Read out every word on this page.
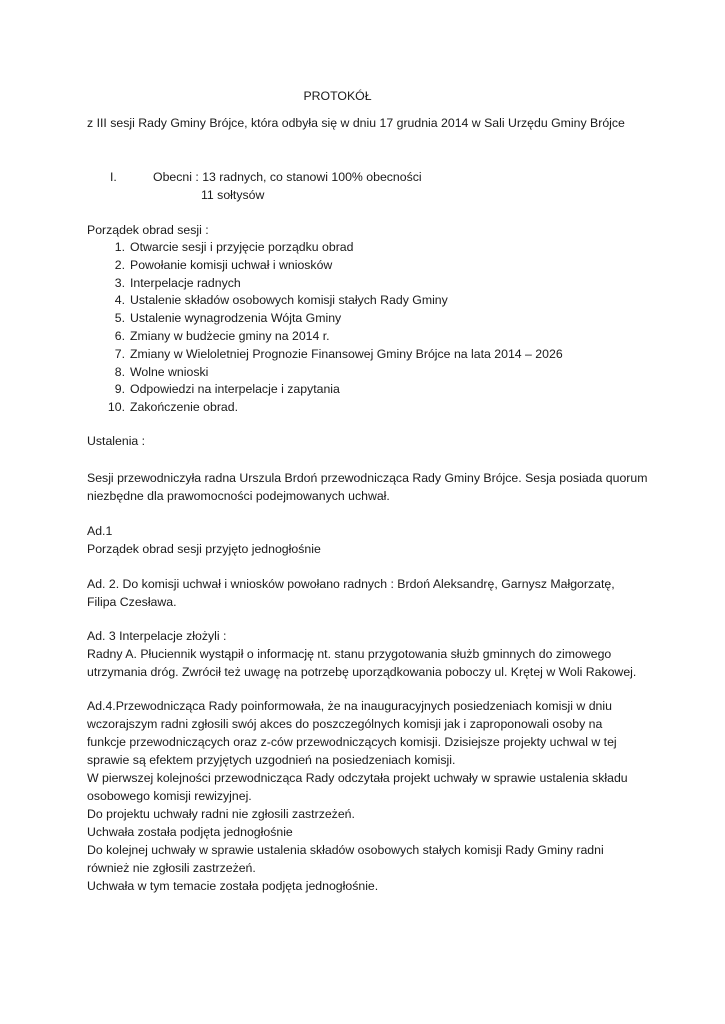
PROTOKÓŁ
z III sesji Rady Gminy Brójce, która odbyła się w dniu 17 grudnia 2014 w Sali Urzędu Gminy Brójce
I.	Obecni : 13 radnych, co stanowi 100% obecności
11 sołtysów
Porządek obrad sesji :
1. Otwarcie sesji i przyjęcie porządku obrad
2. Powołanie komisji uchwał i wniosków
3. Interpelacje radnych
4. Ustalenie składów osobowych komisji stałych Rady Gminy
5. Ustalenie wynagrodzenia Wójta Gminy
6. Zmiany w budżecie gminy na 2014 r.
7. Zmiany w Wieloletniej Prognozie Finansowej Gminy Brójce na lata 2014 – 2026
8. Wolne wnioski
9. Odpowiedzi na interpelacje i zapytania
10. Zakończenie obrad.
Ustalenia :
Sesji przewodniczyła radna Urszula Brdoń przewodnicząca Rady Gminy Brójce. Sesja posiada quorum
niezbędne dla prawomocności podejmowanych uchwał.
Ad.1
Porządek obrad sesji przyjęto jednogłośnie
Ad. 2. Do komisji uchwał i wniosków powołano radnych : Brdoń Aleksandrę, Garnysz Małgorzatę,
Filipa Czesława.
Ad. 3 Interpelacje złożyli :
Radny A. Płuciennik wystąpił o informację nt. stanu przygotowania służb gminnych do zimowego
utrzymania dróg. Zwrócił też uwagę na potrzebę uporządkowania poboczy ul. Krętej w Woli Rakowej.
Ad.4.Przewodnicząca Rady poinformowała, że na inauguracyjnych posiedzeniach komisji w dniu
wczorajszym radni zgłosili swój akces do poszczególnych komisji jak i zaproponowali osoby na
funkcje przewodniczących oraz z-ców przewodniczących komisji. Dzisiejsze projekty uchwal w tej
sprawie są efektem przyjętych uzgodnień na posiedzeniach komisji.
W pierwszej kolejności przewodnicząca Rady odczytała projekt uchwały w sprawie ustalenia składu
osobowego komisji rewizyjnej.
Do projektu uchwały radni nie zgłosili zastrzeżeń.
Uchwała została podjęta jednogłośnie
Do kolejnej uchwały w sprawie ustalenia składów osobowych stałych komisji Rady Gminy radni
również nie zgłosili zastrzeżeń.
Uchwała w tym temacie została podjęta jednogłośnie.
